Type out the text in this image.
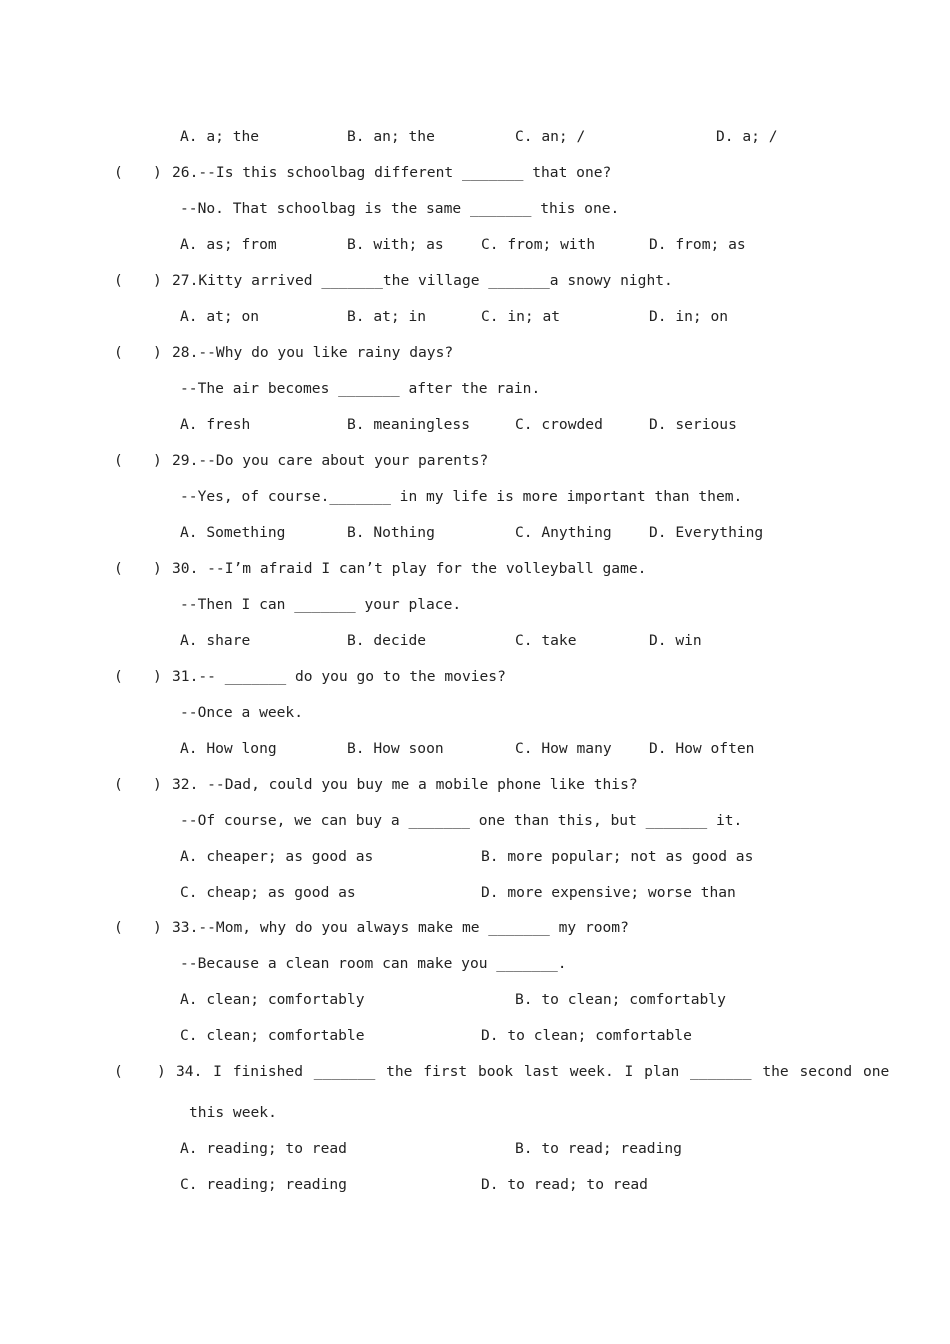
A. a; the	B. an; the	C. an; /	D. a; /
( ) 26.--Is this schoolbag different _______ that one?
--No. That schoolbag is the same _______ this one.
A. as; from	B. with; as	C. from; with	D. from; as
( ) 27.Kitty arrived _______the village _______a snowy night.
A. at; on	B. at; in	C. in; at	D. in; on
( ) 28.--Why do you like rainy days?
--The air becomes _______ after the rain.
A. fresh	B. meaningless	C. crowded	D. serious
( ) 29.--Do you care about your parents?
--Yes, of course._______ in my life is more important than them.
A. Something	B. Nothing	C. Anything	D. Everything
( ) 30. --I’m afraid I can’t play for the volleyball game.
--Then I can _______ your place.
A. share	B. decide	C. take	D. win
( ) 31.-- _______ do you go to the movies?
--Once a week.
A. How long	B. How soon	C. How many	D. How often
( ) 32. --Dad, could you buy me a mobile phone like this?
--Of course, we can buy a _______ one than this, but _______ it.
A. cheaper; as good as	B. more popular; not as good as
C. cheap; as good as	D. more expensive; worse than
( ) 33.--Mom, why do you always make me _______ my room?
--Because a clean room can make you _______.
A. clean; comfortably	B. to clean; comfortably
C. clean; comfortable	D. to clean; comfortable
( ) 34. I finished _______ the first book last week. I plan _______ the second one
this week.
A. reading; to read	B. to read; reading
C. reading; reading	D. to read; to read
